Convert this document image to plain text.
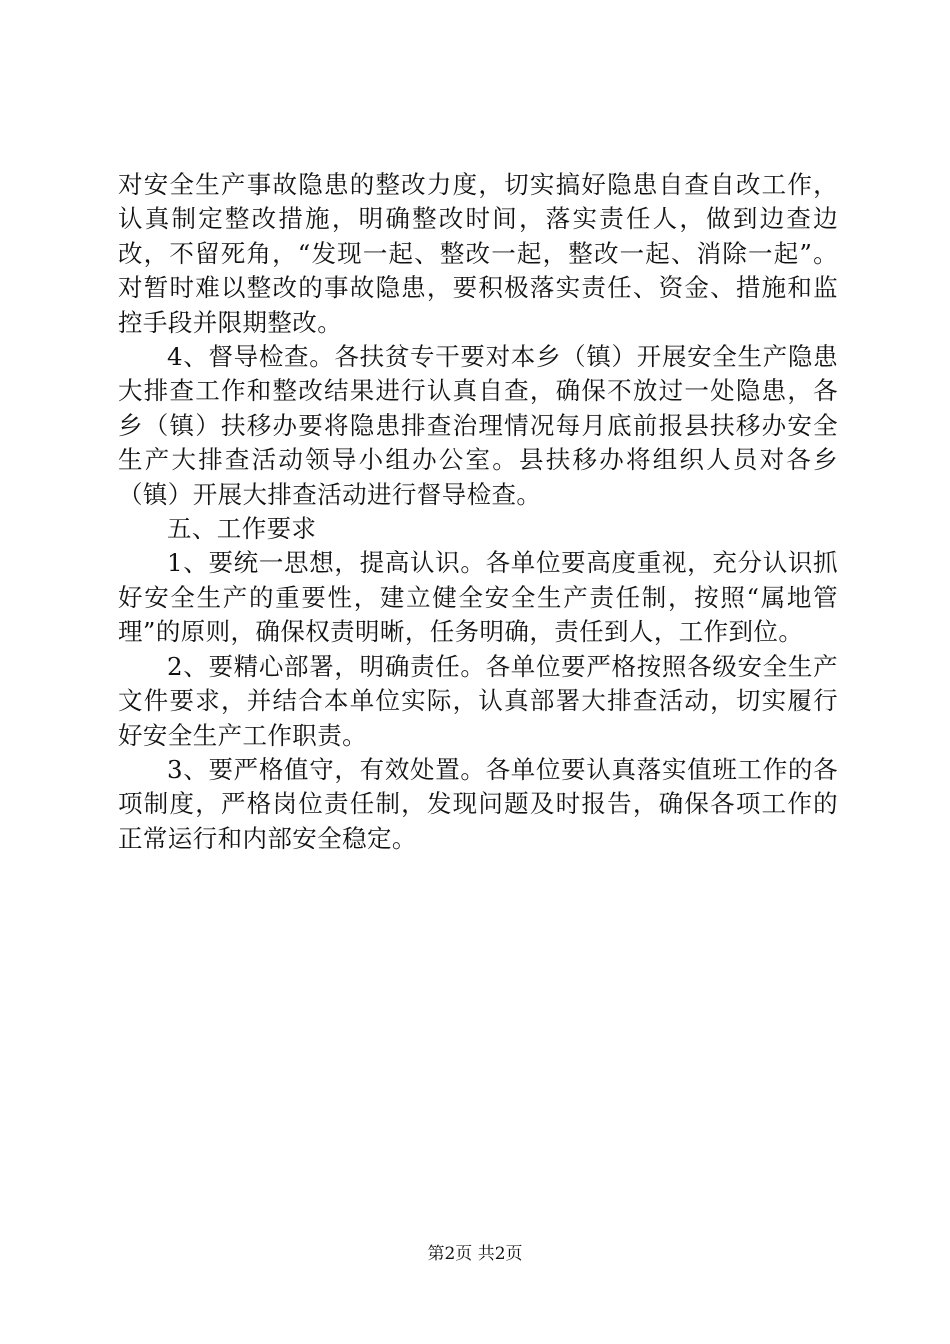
对安全生产事故隐患的整改力度，切实搞好隐患自查自改工作，认真制定整改措施，明确整改时间，落实责任人，做到边查边改，不留死角，“发现一起、整改一起，整改一起、消除一起”。对暂时难以整改的事故隐患，要积极落实责任、资金、措施和监控手段并限期整改。

4、督导检查。各扶贫专干要对本乡（镇）开展安全生产隐患大排查工作和整改结果进行认真自查，确保不放过一处隐患，各乡（镇）扶移办要将隐患排查治理情况每月底前报县扶移办安全生产大排查活动领导小组办公室。县扶移办将组织人员对各乡（镇）开展大排查活动进行督导检查。

五、工作要求

1、要统一思想，提高认识。各单位要高度重视，充分认识抓好安全生产的重要性，建立健全安全生产责任制，按照“属地管理”的原则，确保权责明晰，任务明确，责任到人，工作到位。

2、要精心部署，明确责任。各单位要严格按照各级安全生产文件要求，并结合本单位实际，认真部署大排查活动，切实履行好安全生产工作职责。

3、要严格值守，有效处置。各单位要认真落实值班工作的各项制度，严格岗位责任制，发现问题及时报告，确保各项工作的正常运行和内部安全稳定。

第2页 共2页
